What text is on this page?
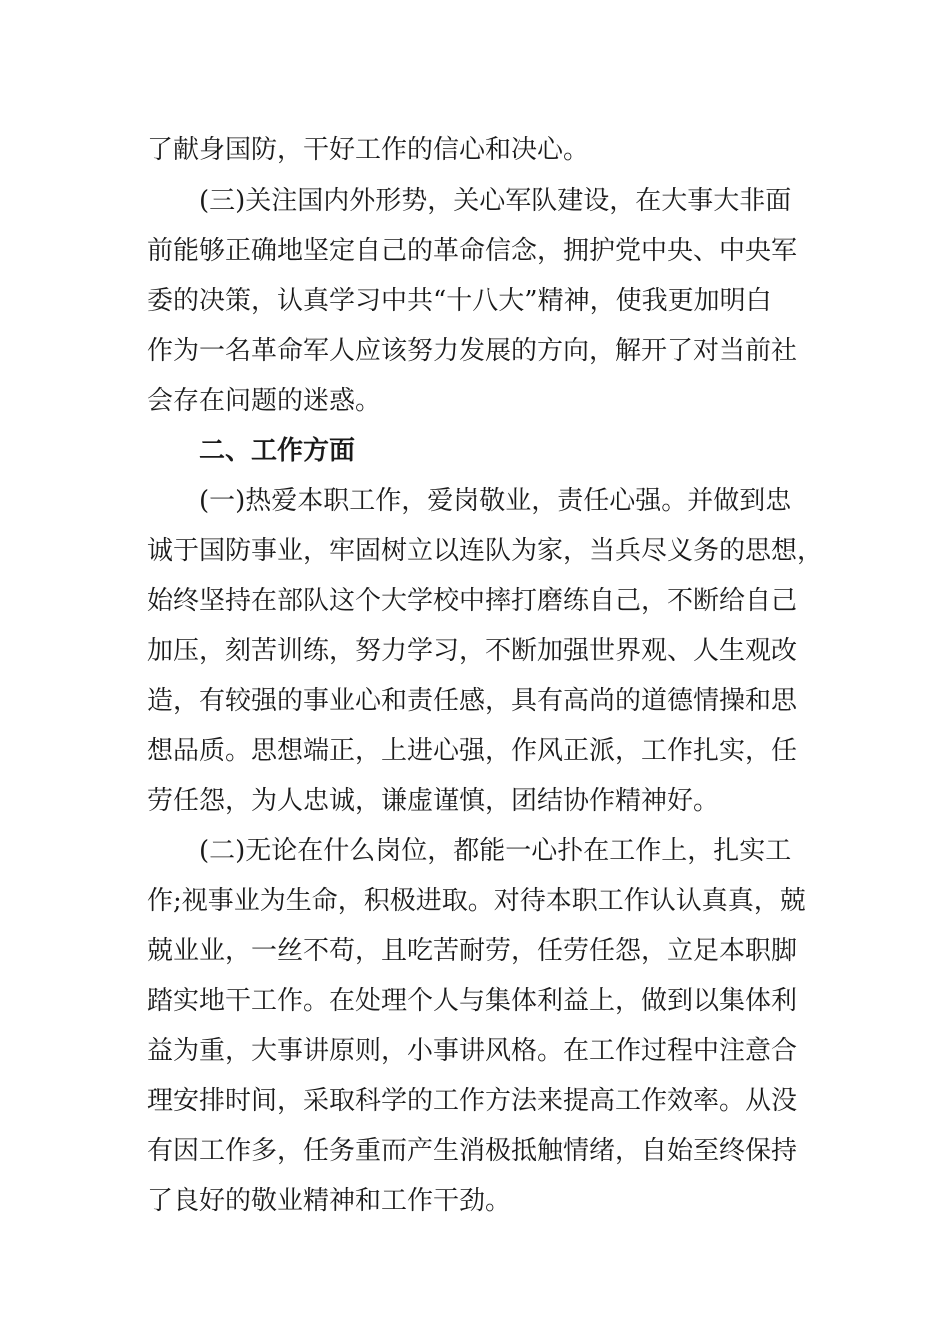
了献身国防，干好工作的信心和决心。
(三)关注国内外形势，关心军队建设，在大事大非面
前能够正确地坚定自己的革命信念，拥护党中央、中央军
委的决策，认真学习中共“十八大”精神，使我更加明白
作为一名革命军人应该努力发展的方向，解开了对当前社
会存在问题的迷惑。
二、工作方面
(一)热爱本职工作，爱岗敬业，责任心强。并做到忠
诚于国防事业，牢固树立以连队为家，当兵尽义务的思想，
始终坚持在部队这个大学校中摔打磨练自己，不断给自己
加压，刻苦训练，努力学习，不断加强世界观、人生观改
造，有较强的事业心和责任感，具有高尚的道德情操和思
想品质。思想端正，上进心强，作风正派，工作扎实，任
劳任怨，为人忠诚，谦虚谨慎，团结协作精神好。
(二)无论在什么岗位，都能一心扑在工作上，扎实工
作;视事业为生命，积极进取。对待本职工作认认真真，兢
兢业业，一丝不苟，且吃苦耐劳，任劳任怨，立足本职脚
踏实地干工作。在处理个人与集体利益上，做到以集体利
益为重，大事讲原则，小事讲风格。在工作过程中注意合
理安排时间，采取科学的工作方法来提高工作效率。从没
有因工作多，任务重而产生消极抵触情绪，自始至终保持
了良好的敬业精神和工作干劲。
